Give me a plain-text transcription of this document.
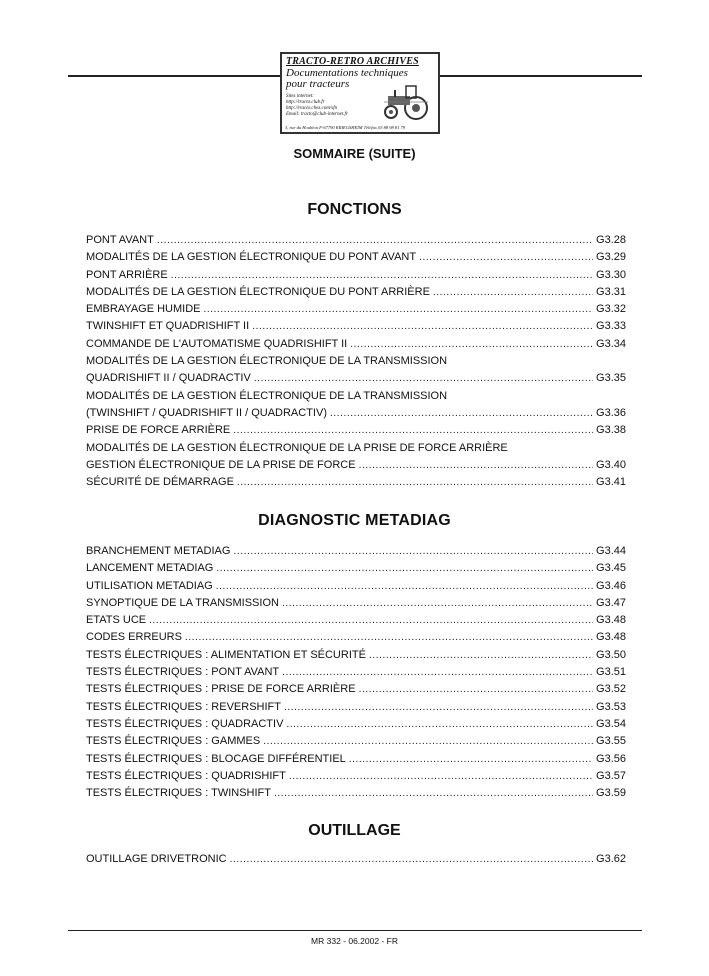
TRACTO-RETRO ARCHIVES
Documentations techniques
pour tracteurs
Sites internet:
http://tracto.club.fr
http://tracto.chez.com/sfn
Email: tracto@club-internet.fr
3, rue du Houblon F-67790 KRIEGSHEIM Téléfax 03 88 98 81 79
SOMMAIRE (SUITE)
FONCTIONS
PONT AVANT .....	G3.28
MODALITÉS DE LA GESTION ÉLECTRONIQUE DU PONT AVANT .....	G3.29
PONT ARRIÈRE .....	G3.30
MODALITÉS DE LA GESTION ÉLECTRONIQUE DU PONT ARRIÈRE .....	G3.31
EMBRAYAGE HUMIDE .....	G3.32
TWINSHIFT ET QUADRISHIFT II .....	G3.33
COMMANDE DE L'AUTOMATISME QUADRISHIFT II .....	G3.34
MODALITÉS DE LA GESTION ÉLECTRONIQUE DE LA TRANSMISSION
QUADRISHIFT II / QUADRACTIV .....	G3.35
MODALITÉS DE LA GESTION ÉLECTRONIQUE DE LA TRANSMISSION
(TWINSHIFT / QUADRISHIFT II / QUADRACTIV) .....	G3.36
PRISE DE FORCE ARRIÈRE .....	G3.38
MODALITÉS DE LA GESTION ÉLECTRONIQUE DE LA PRISE DE FORCE ARRIÈRE
GESTION ÉLECTRONIQUE DE LA PRISE DE FORCE .....	G3.40
SÉCURITÉ DE DÉMARRAGE .....	G3.41
DIAGNOSTIC METADIAG
BRANCHEMENT METADIAG .....	G3.44
LANCEMENT METADIAG .....	G3.45
UTILISATION METADIAG .....	G3.46
SYNOPTIQUE DE LA TRANSMISSION .....	G3.47
ETATS UCE .....	G3.48
CODES ERREURS .....	G3.48
TESTS ÉLECTRIQUES : ALIMENTATION ET SÉCURITÉ .....	G3.50
TESTS ÉLECTRIQUES : PONT AVANT .....	G3.51
TESTS ÉLECTRIQUES : PRISE DE FORCE ARRIÈRE .....	G3.52
TESTS ÉLECTRIQUES : REVERSHIFT .....	G3.53
TESTS ÉLECTRIQUES : QUADRACTIV .....	G3.54
TESTS ÉLECTRIQUES : GAMMES .....	G3.55
TESTS ÉLECTRIQUES : BLOCAGE DIFFÉRENTIEL .....	G3.56
TESTS ÉLECTRIQUES : QUADRISHIFT .....	G3.57
TESTS ÉLECTRIQUES : TWINSHIFT .....	G3.59
OUTILLAGE
OUTILLAGE DRIVETRONIC .....	G3.62
MR 332 - 06.2002 - FR
